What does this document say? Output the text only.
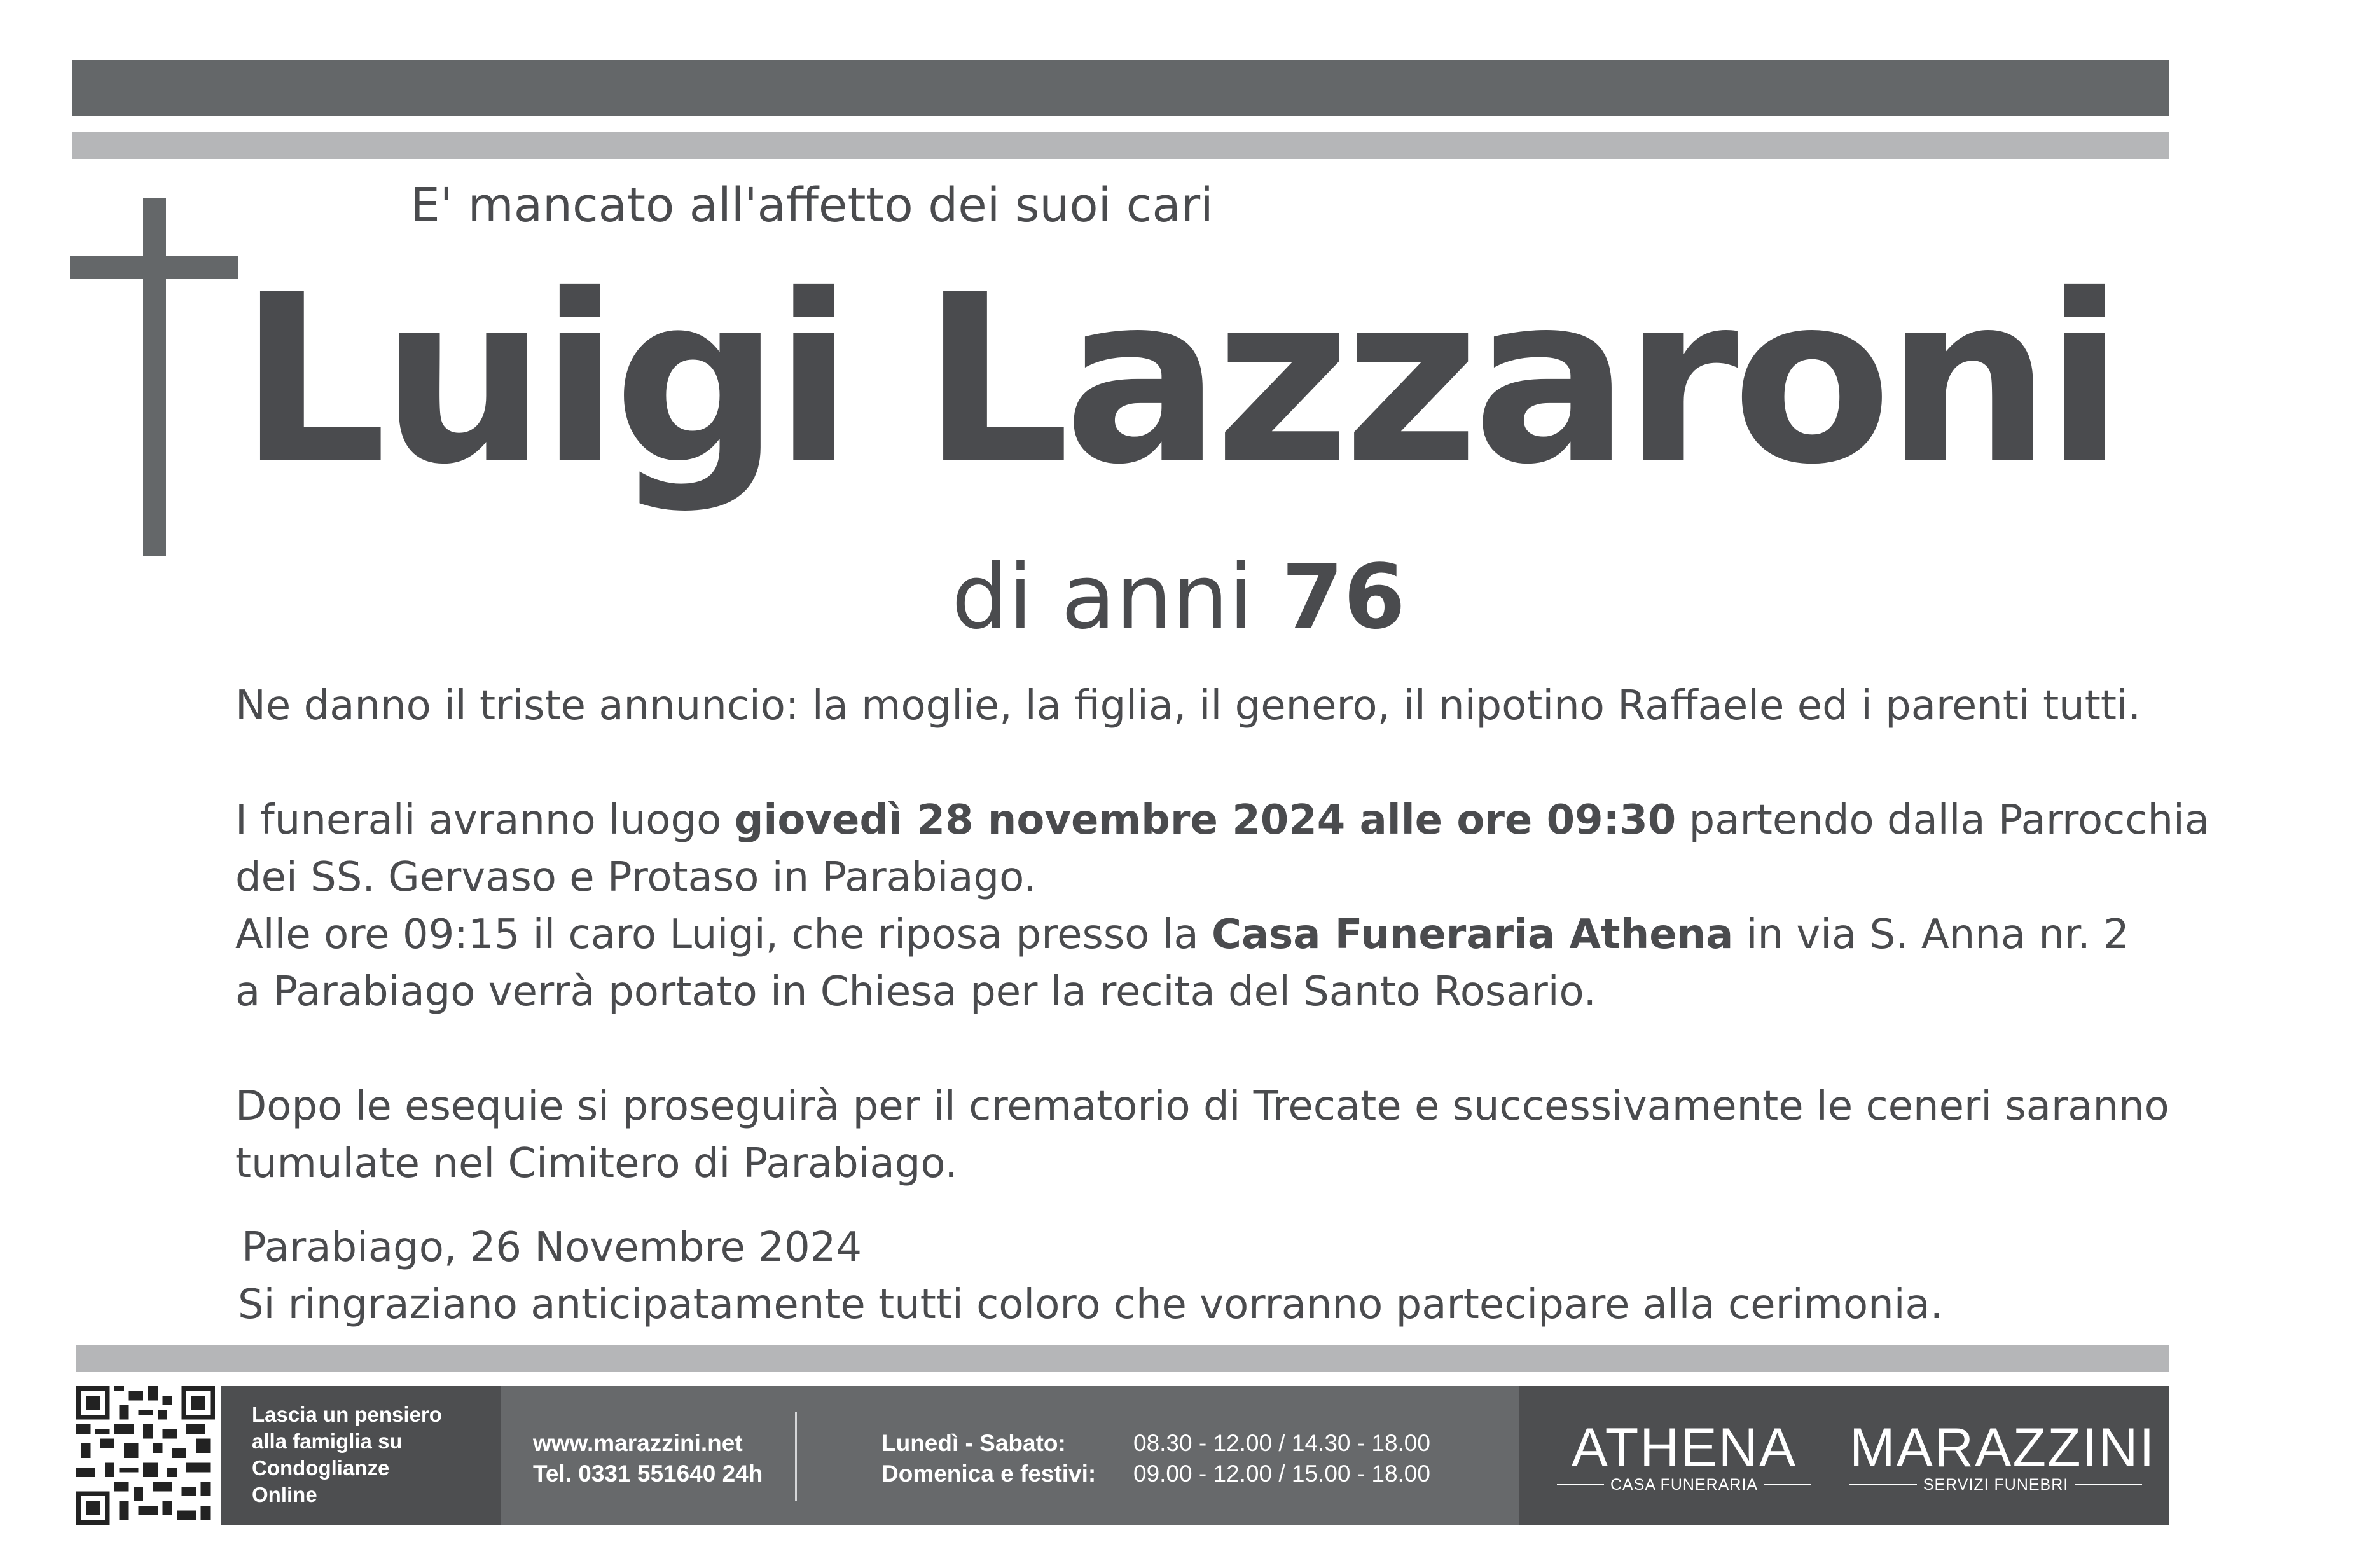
E' mancato all'affetto dei suoi cari
Luigi Lazzaroni
di anni 76

Ne danno il triste annuncio: la moglie, la figlia, il genero, il nipotino Raffaele ed i parenti tutti.

I funerali avranno luogo giovedì 28 novembre 2024 alle ore 09:30 partendo dalla Parrocchia

dei SS. Gervaso e Protaso in Parabiago.

Alle ore 09:15 il caro Luigi, che riposa presso la Casa Funeraria Athena in via S. Anna nr. 2

a Parabiago verrà portato in Chiesa per la recita del Santo Rosario.

Dopo le esequie si proseguirà per il crematorio di Trecate e successivamente le ceneri saranno

tumulate nel Cimitero di Parabiago.

Parabiago, 26 Novembre 2024
Si ringraziano anticipatamente tutti coloro che vorranno partecipare alla cerimonia.
Lascia un pensiero
alla famiglia su
Condoglianze
Online
www.marazzini.net
Tel. 0331 551640 24h
Lunedì - Sabato:	08.30 - 12.00 / 14.30 - 18.00
Domenica e festivi: 09.00 - 12.00 / 15.00 - 18.00	ATHENA
CASA FUNERARIA
MARAZZINI
SERVIZI FUNEBRI
